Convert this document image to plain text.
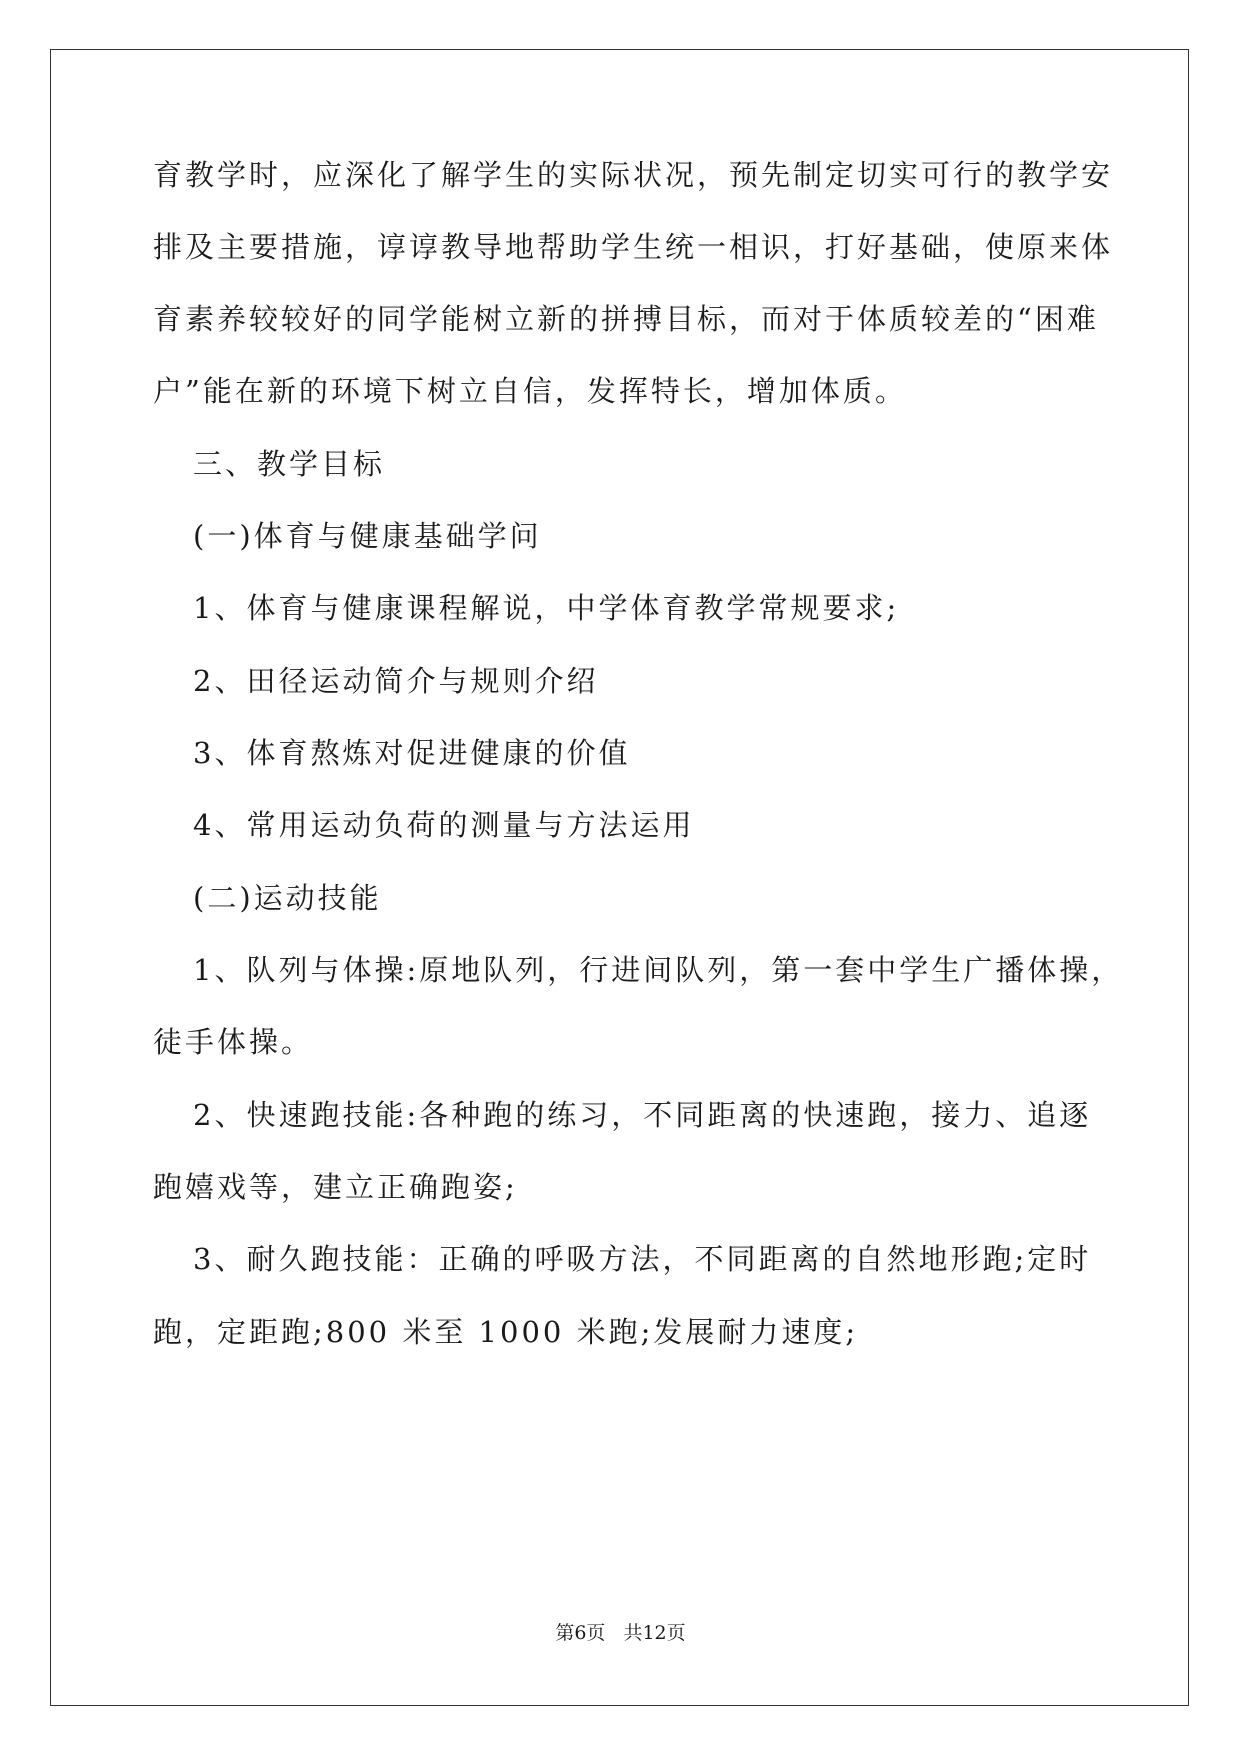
育教学时，应深化了解学生的实际状况，预先制定切实可行的教学安
排及主要措施，谆谆教导地帮助学生统一相识，打好基础，使原来体
育素养较较好的同学能树立新的拼搏目标，而对于体质较差的“困难
户”能在新的环境下树立自信，发挥特长，增加体质。
三、教学目标
(一)体育与健康基础学问
1、体育与健康课程解说，中学体育教学常规要求;
2、田径运动简介与规则介绍
3、体育熬炼对促进健康的价值
4、常用运动负荷的测量与方法运用
(二)运动技能
1、队列与体操:原地队列，行进间队列，第一套中学生广播体操，
徒手体操。
2、快速跑技能:各种跑的练习，不同距离的快速跑，接力、追逐
跑嬉戏等，建立正确跑姿;
3、耐久跑技能：正确的呼吸方法，不同距离的自然地形跑;定时
跑，定距跑;800 米至 1000 米跑;发展耐力速度;
第6页 共12页
